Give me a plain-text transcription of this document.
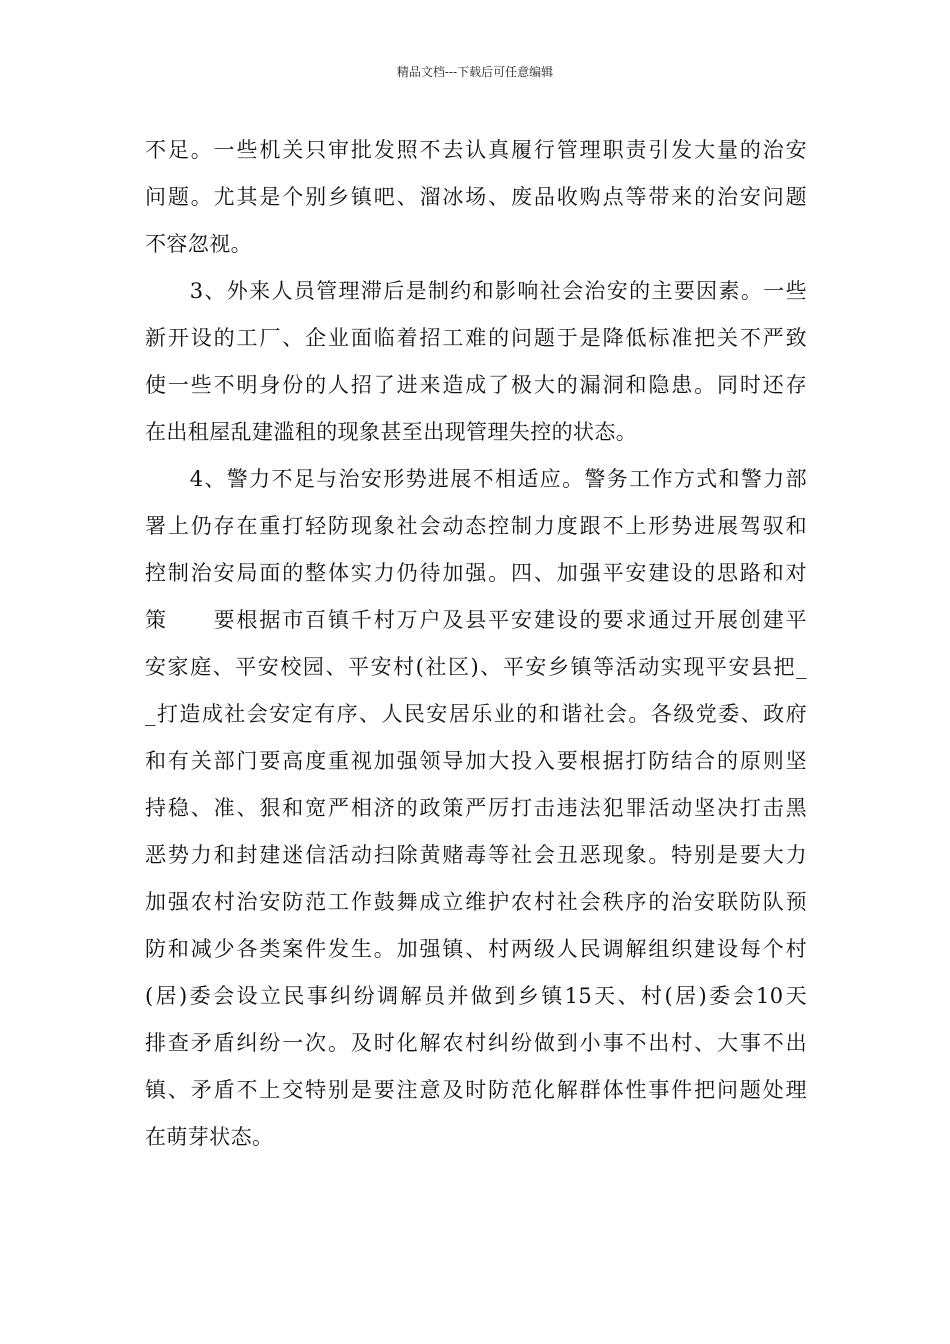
精品文档---下载后可任意编辑
不足。一些机关只审批发照不去认真履行管理职责引发大量的治安
问题。尤其是个别乡镇吧、溜冰场、废品收购点等带来的治安问题
不容忽视。
　　3、外来人员管理滞后是制约和影响社会治安的主要因素。一些
新开设的工厂、企业面临着招工难的问题于是降低标准把关不严致
使一些不明身份的人招了进来造成了极大的漏洞和隐患。同时还存
在出租屋乱建滥租的现象甚至出现管理失控的状态。
　　4、警力不足与治安形势进展不相适应。警务工作方式和警力部
署上仍存在重打轻防现象社会动态控制力度跟不上形势进展驾驭和
控制治安局面的整体实力仍待加强。四、加强平安建设的思路和对
策　　要根据市百镇千村万户及县平安建设的要求通过开展创建平
安家庭、平安校园、平安村(社区)、平安乡镇等活动实现平安县把_
_打造成社会安定有序、人民安居乐业的和谐社会。各级党委、政府
和有关部门要高度重视加强领导加大投入要根据打防结合的原则坚
持稳、准、狠和宽严相济的政策严厉打击违法犯罪活动坚决打击黑
恶势力和封建迷信活动扫除黄赌毒等社会丑恶现象。特别是要大力
加强农村治安防范工作鼓舞成立维护农村社会秩序的治安联防队预
防和减少各类案件发生。加强镇、村两级人民调解组织建设每个村
(居)委会设立民事纠纷调解员并做到乡镇15天、村(居)委会10天
排查矛盾纠纷一次。及时化解农村纠纷做到小事不出村、大事不出
镇、矛盾不上交特别是要注意及时防范化解群体性事件把问题处理
在萌芽状态。
